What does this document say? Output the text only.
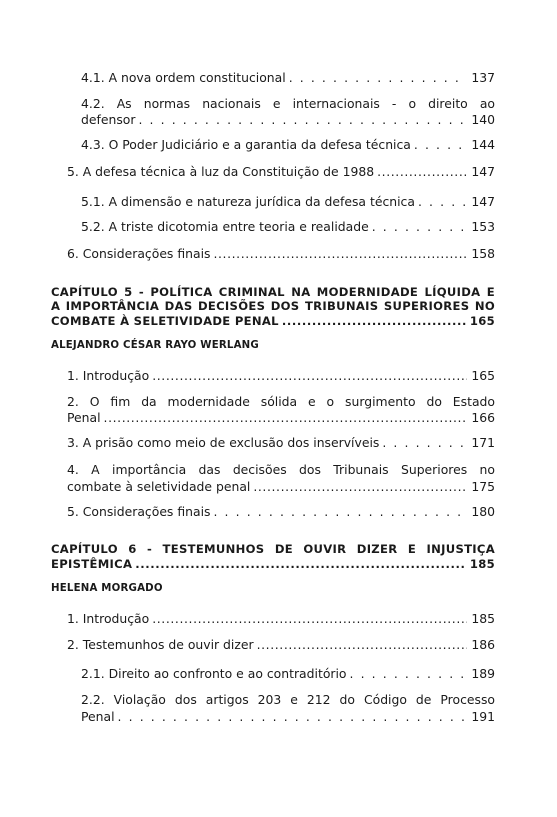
4.1. A nova ordem constitucional . . .	137
4.2. As normas nacionais e internacionais - o direito ao
defensor . . .	140
4.3. O Poder Judiciário e a garantia da defesa técnica . . .	144
5. A defesa técnica à luz da Constituição de 1988 .....	147
5.1. A dimensão e natureza jurídica da defesa técnica . . .	147
5.2. A triste dicotomia entre teoria e realidade . . .	153
6. Considerações finais .....	158
CAPÍTULO 5 - POLÍTICA CRIMINAL NA MODERNIDADE LÍQUIDA E
A IMPORTÂNCIA DAS DECISÕES DOS TRIBUNAIS SUPERIORES NO
COMBATE À SELETIVIDADE PENAL .....	165
ALEJANDRO CÉSAR RAYO WERLANG
1. Introdução .....	165
2. O fim da modernidade sólida e o surgimento do Estado
Penal .....	166
3. A prisão como meio de exclusão dos inservíveis . . .	171
4. A importância das decisões dos Tribunais Superiores no
combate à seletividade penal .....	175
5. Considerações finais . . .	180
CAPÍTULO 6 - TESTEMUNHOS DE OUVIR DIZER E INJUSTIÇA
EPISTÊMICA .....	185
HELENA MORGADO
1. Introdução .....	185
2. Testemunhos de ouvir dizer .....	186
2.1. Direito ao confronto e ao contraditório . . .	189
2.2. Violação dos artigos 203 e 212 do Código de Processo
Penal . . .	191
